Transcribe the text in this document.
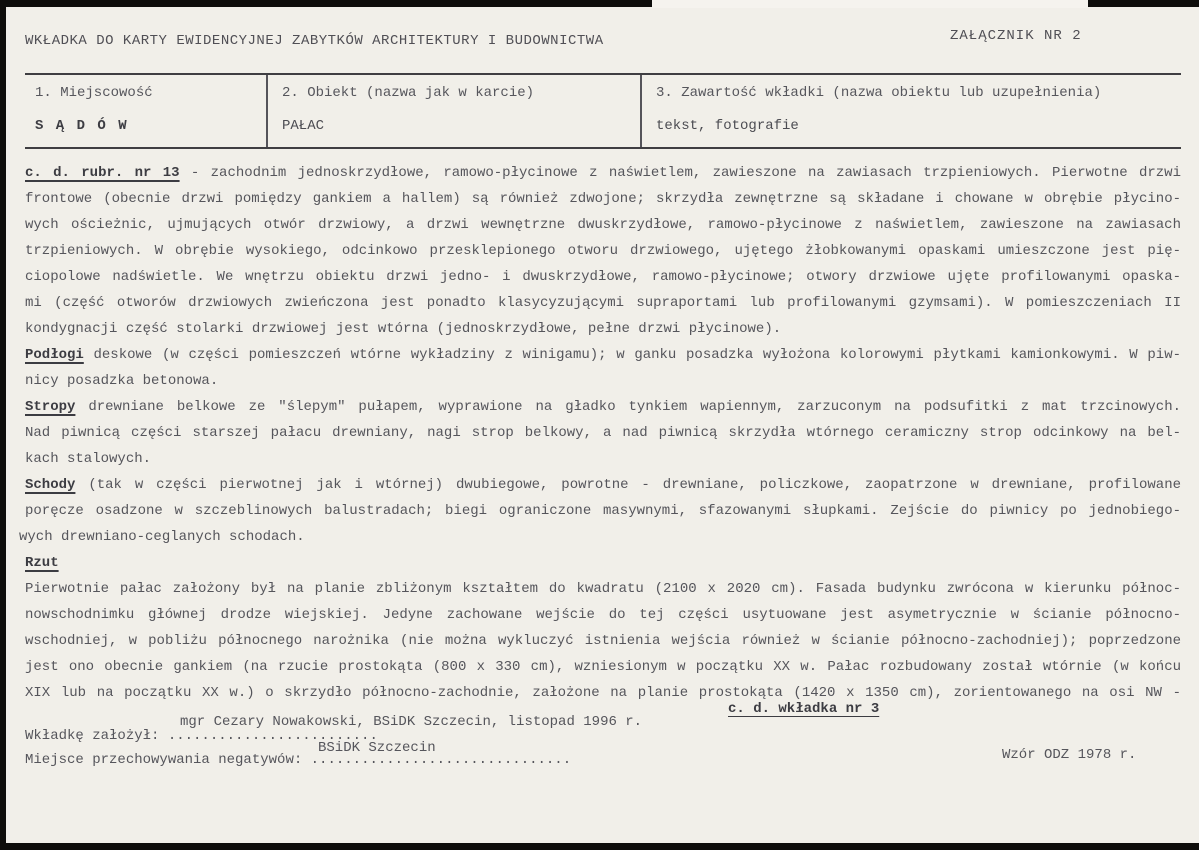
WKŁADKA DO KARTY EWIDENCYJNEJ ZABYTKÓW ARCHITEKTURY I BUDOWNICTWA	ZAŁĄCZNIK NR 2
1. Miejscowość
S Ą D Ó W
2. Obiekt (nazwa jak w karcie)
PAŁAC
3. Zawartość wkładki (nazwa obiektu lub uzupełnienia)
tekst, fotografie
c. d. rubr. nr 13 - zachodnim jednoskrzydłowe, ramowo-płycinowe z naświetlem, zawieszone na zawiasach trzpieniowych. Pierwotne drzwi
frontowe (obecnie drzwi pomiędzy gankiem a hallem) są również zdwojone; skrzydła zewnętrzne są składane i chowane w obrębie płycino-
wych ościeżnic, ujmujących otwór drzwiowy, a drzwi wewnętrzne dwuskrzydłowe, ramowo-płycinowe z naświetlem, zawieszone na zawiasach
trzpieniowych. W obrębie wysokiego, odcinkowo przesklepionego otworu drzwiowego, ujętego żłobkowanymi opaskami umieszczone jest pię-
ciopolowe nadświetle. We wnętrzu obiektu drzwi jedno- i dwuskrzydłowe, ramowo-płycinowe; otwory drzwiowe ujęte profilowanymi opaska-
mi (część otworów drzwiowych zwieńczona jest ponadto klasycyzującymi supraportami lub profilowanymi gzymsami). W pomieszczeniach II
kondygnacji część stolarki drzwiowej jest wtórna (jednoskrzydłowe, pełne drzwi płycinowe).
Podłogi deskowe (w części pomieszczeń wtórne wykładziny z winigamu); w ganku posadzka wyłożona kolorowymi płytkami kamionkowymi. W piw-
nicy posadzka betonowa.
Stropy drewniane belkowe ze "ślepym" pułapem, wyprawione na gładko tynkiem wapiennym, zarzuconym na podsufitki z mat trzcinowych.
Nad piwnicą części starszej pałacu drewniany, nagi strop belkowy, a nad piwnicą skrzydła wtórnego ceramiczny strop odcinkowy na bel-
kach stalowych.
Schody (tak w części pierwotnej jak i wtórnej) dwubiegowe, powrotne - drewniane, policzkowe, zaopatrzone w drewniane, profilowane
poręcze osadzone w szczeblinowych balustradach; biegi ograniczone masywnymi, sfazowanymi słupkami. Zejście do piwnicy po jednobiego-
wych drewniano-ceglanych schodach.
Rzut
Pierwotnie pałac założony był na planie zbliżonym kształtem do kwadratu (2100 x 2020 cm). Fasada budynku zwrócona w kierunku północ-
nowschodnimku głównej drodze wiejskiej. Jedyne zachowane wejście do tej części usytuowane jest asymetrycznie w ścianie północno-
wschodniej, w pobliżu północnego narożnika (nie można wykluczyć istnienia wejścia również w ścianie północno-zachodniej); poprzedzone
jest ono obecnie gankiem (na rzucie prostokąta (800 x 330 cm), wzniesionym w początku XX w. Pałac rozbudowany został wtórnie (w końcu
XIX lub na początku XX w.) o skrzydło północno-zachodnie, założone na planie prostokąta (1420 x 1350 cm), zorientowanego na osi NW -
c. d. wkładka nr 3
mgr Cezary Nowakowski, BSiDK Szczecin, listopad 1996 r.
Wkładkę założył: .........................
BSiDK Szczecin
Miejsce przechowywania negatywów: ...............................	Wzór ODZ 1978 r.
